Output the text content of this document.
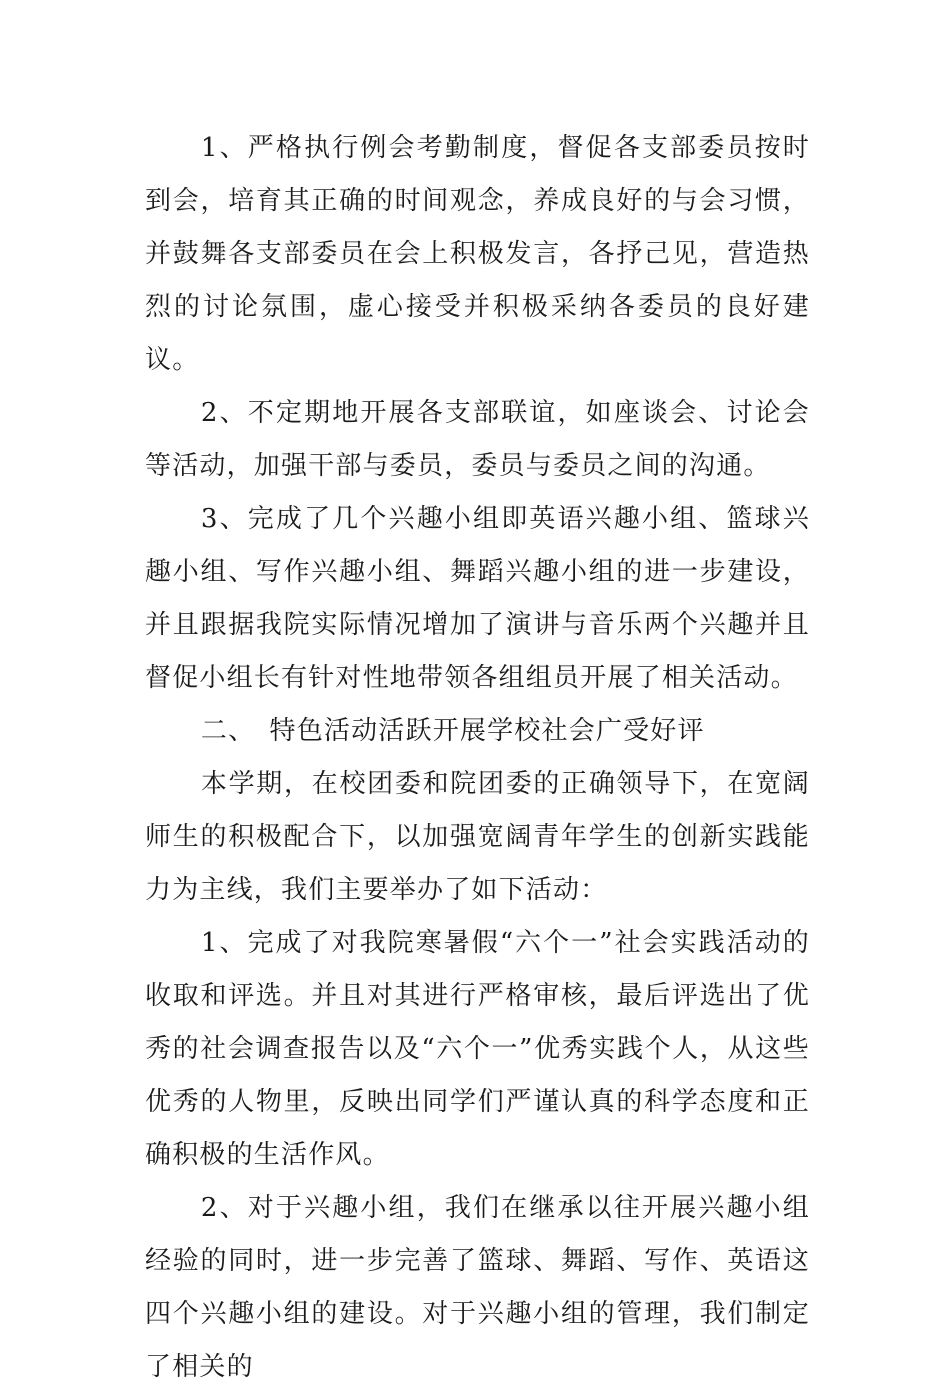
1、严格执行例会考勤制度，督促各支部委员按时到会，培育其正确的时间观念，养成良好的与会习惯，并鼓舞各支部委员在会上积极发言，各抒己见，营造热烈的讨论氛围，虚心接受并积极采纳各委员的良好建议。

2、不定期地开展各支部联谊，如座谈会、讨论会等活动，加强干部与委员，委员与委员之间的沟通。

3、完成了几个兴趣小组即英语兴趣小组、篮球兴趣小组、写作兴趣小组、舞蹈兴趣小组的进一步建设，并且跟据我院实际情况增加了演讲与音乐两个兴趣并且督促小组长有针对性地带领各组组员开展了相关活动。

二、　特色活动活跃开展学校社会广受好评

本学期，在校团委和院团委的正确领导下，在宽阔师生的积极配合下，以加强宽阔青年学生的创新实践能力为主线，我们主要举办了如下活动：

1、完成了对我院寒暑假“六个一”社会实践活动的收取和评选。并且对其进行严格审核，最后评选出了优秀的社会调查报告以及“六个一”优秀实践个人，从这些优秀的人物里，反映出同学们严谨认真的科学态度和正确积极的生活作风。

2、对于兴趣小组，我们在继承以往开展兴趣小组经验的同时，进一步完善了篮球、舞蹈、写作、英语这四个兴趣小组的建设。对于兴趣小组的管理，我们制定了相关的
